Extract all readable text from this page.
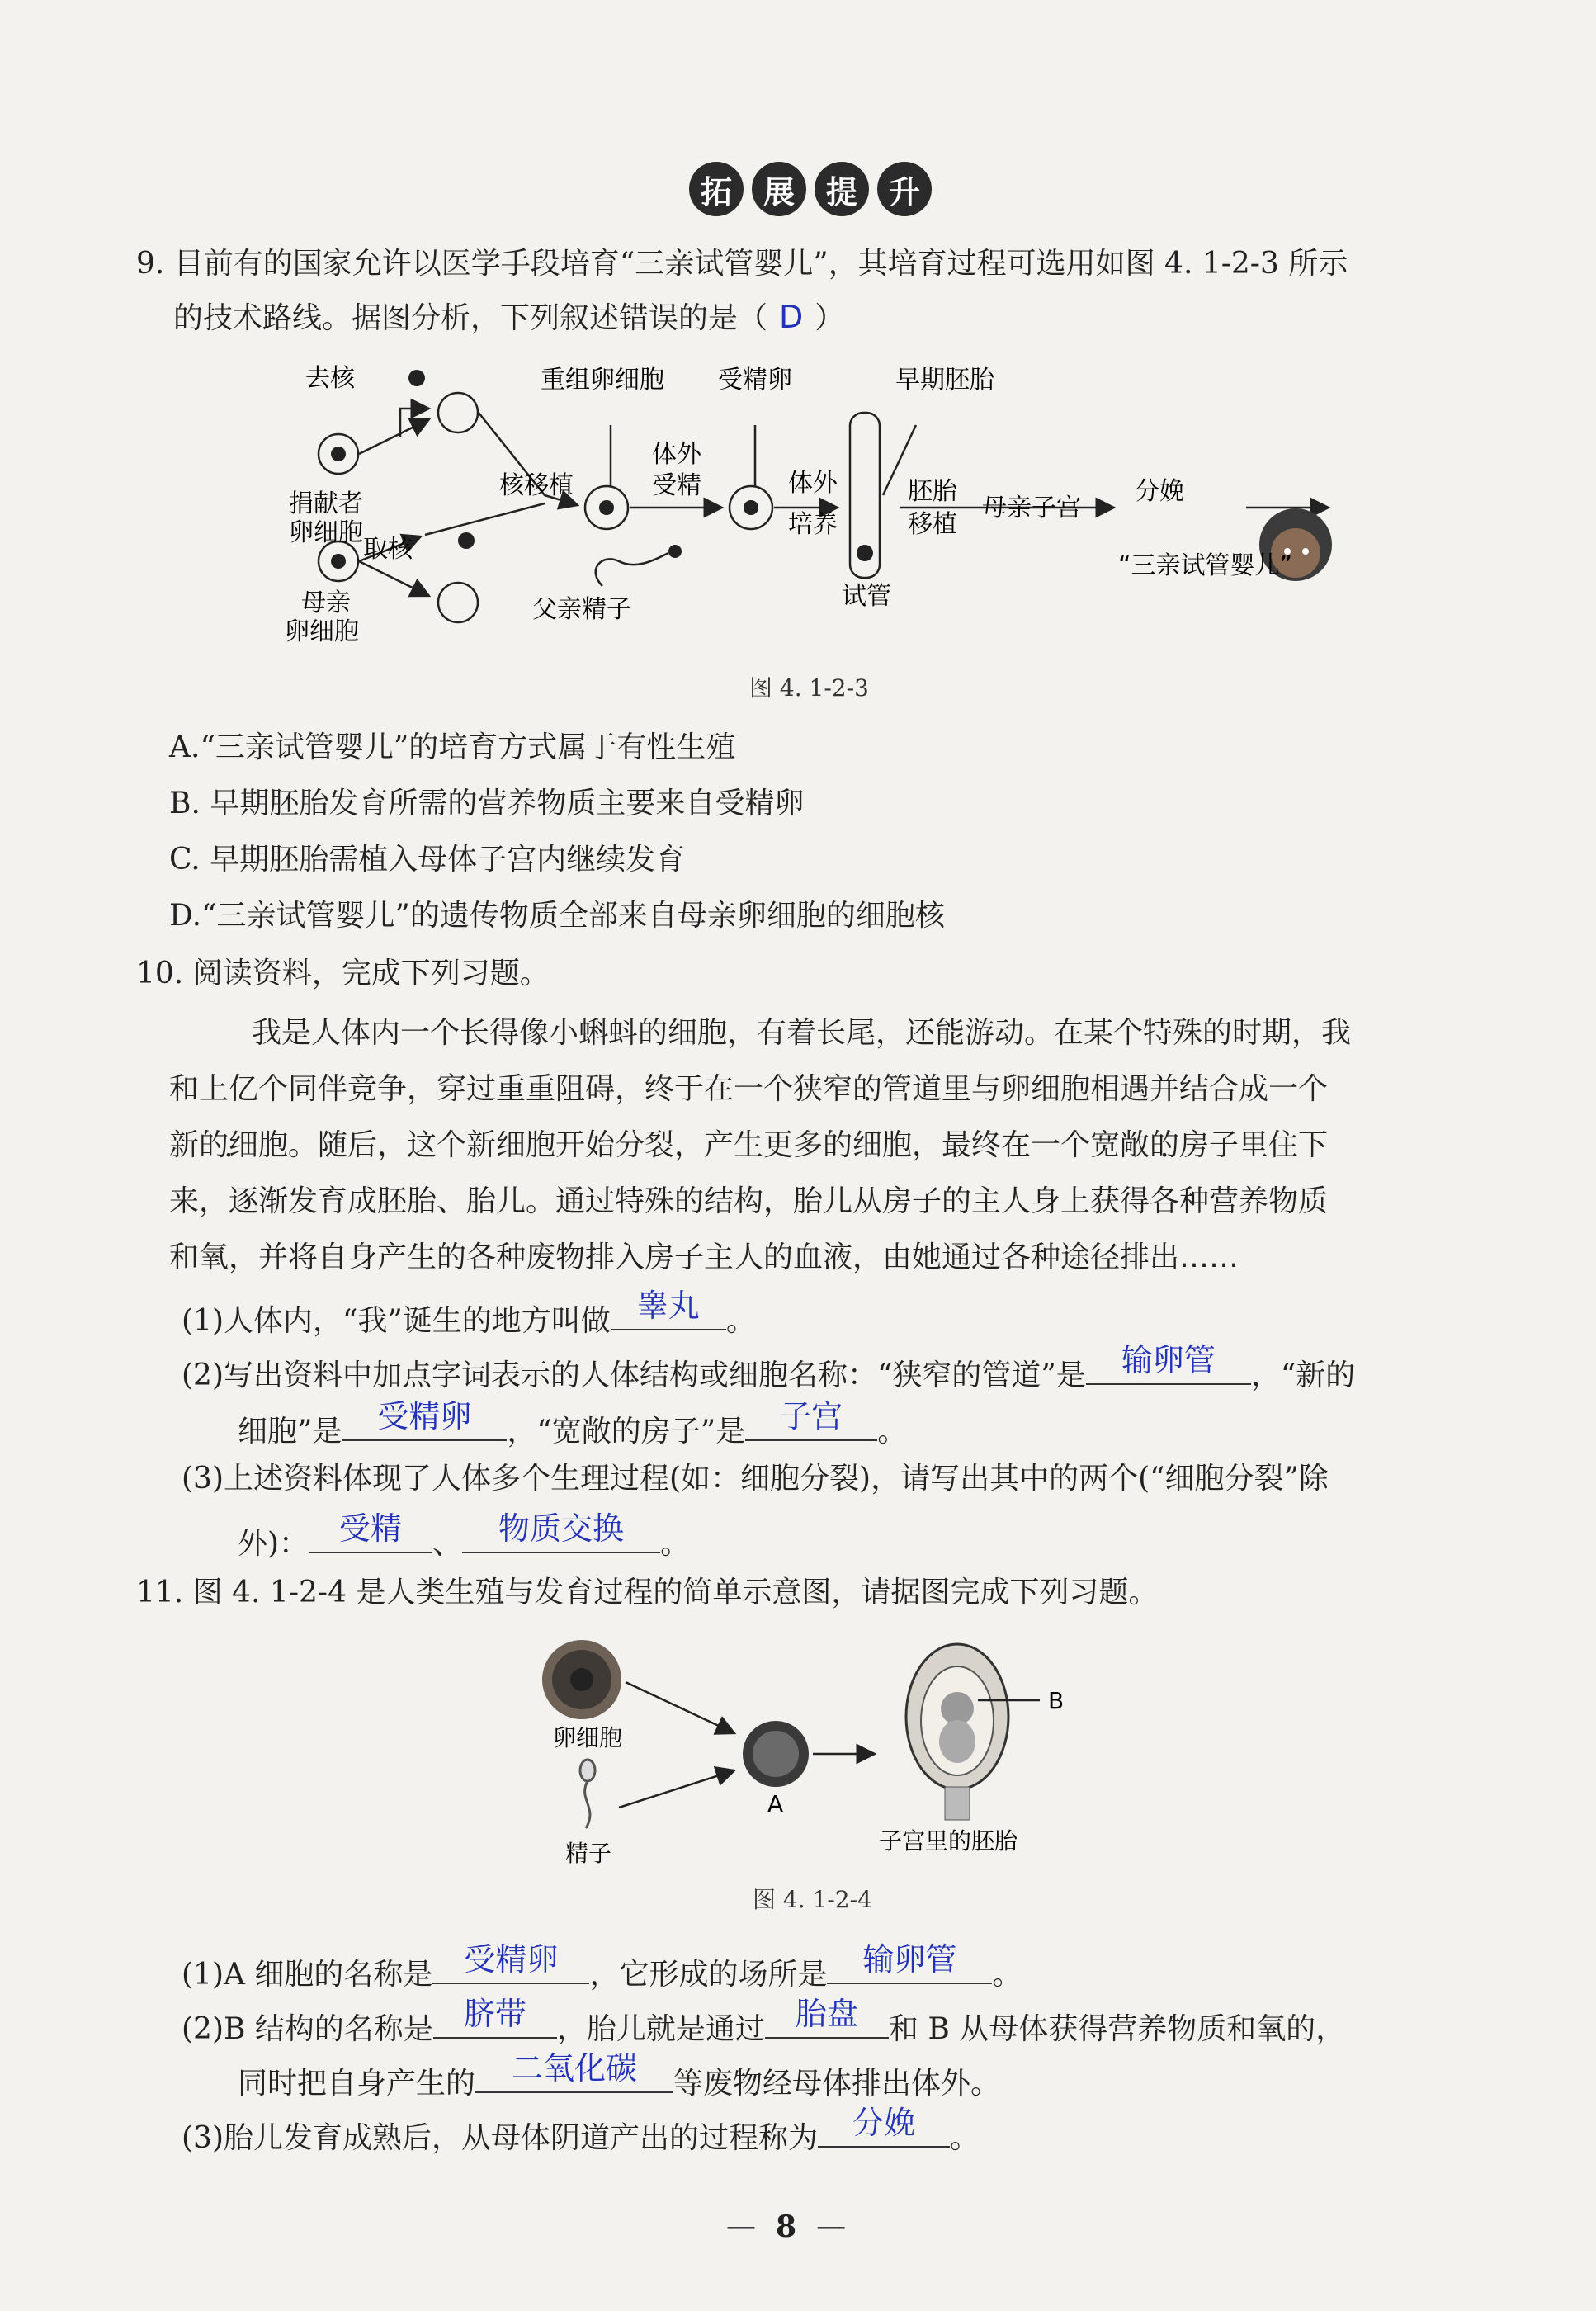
拓 展 提 升
9. 目前有的国家允许以医学手段培育“三亲试管婴儿”，其培育过程可选用如图 4. 1-2-3 所示
的技术路线。据图分析，下列叙述错误的是（ D ）
去核
捐献者
卵细胞
取核
母亲
卵细胞
核移植
重组卵细胞
体外
受精
受精卵
体外
培养
试管
早期胚胎
胚胎
移植
母亲子宫
分娩
父亲精子
“三亲试管婴儿”
图 4. 1-2-3
A.“三亲试管婴儿”的培育方式属于有性生殖
B. 早期胚胎发育所需的营养物质主要来自受精卵
C. 早期胚胎需植入母体子宫内继续发育
D.“三亲试管婴儿”的遗传物质全部来自母亲卵细胞的细胞核
10. 阅读资料，完成下列习题。
我是人体内一个长得像小蝌蚪的细胞，有着长尾，还能游动。在某个特殊的时期，我
和上亿个同伴竞争，穿过重重阻碍，终于在一个狭窄的管道 •里与卵细胞相遇并结合成一个
新的细胞。随后，这个新细胞开始分裂，产生更多的细胞，最终在一个宽敞的房子 •里住下
来，逐渐发育成胚胎、胎儿。通过特殊的结构，胎儿从房子的主人身上获得各种营养物质
和氧，并将自身产生的各种废物排入房子主人的血液，由她通过各种途径排出……
(1)人体内，“我”诞生的地方叫做 睾丸 。
(2)写出资料中加点字词表示的人体结构或细胞名称：“狭窄的管道”是	输卵管	，“新的
细胞”是	受精卵	，“宽敞的房子”是	子宫	。
(3)上述资料体现了人体多个生理过程(如：细胞分裂)，请写出其中的两个(“细胞分裂”除
外)： 受精	、	物质交换	。
11. 图 4. 1-2-4 是人类生殖与发育过程的简单示意图，请据图完成下列习题。
卵细胞
精子
A
B
子宫里的胚胎
图 4. 1-2-4
(1)A 细胞的名称是 受精卵	，它形成的场所是	输卵管	。
(2)B 结构的名称是 脐带	，胎儿就是通过 胎盘	和 B 从母体获得营养物质和氧的，
同时把自身产生的	二氧化碳	等废物经母体排出体外。
(3)胎儿发育成熟后，从母体阴道产出的过程称为	分娩	。
— 8 —
